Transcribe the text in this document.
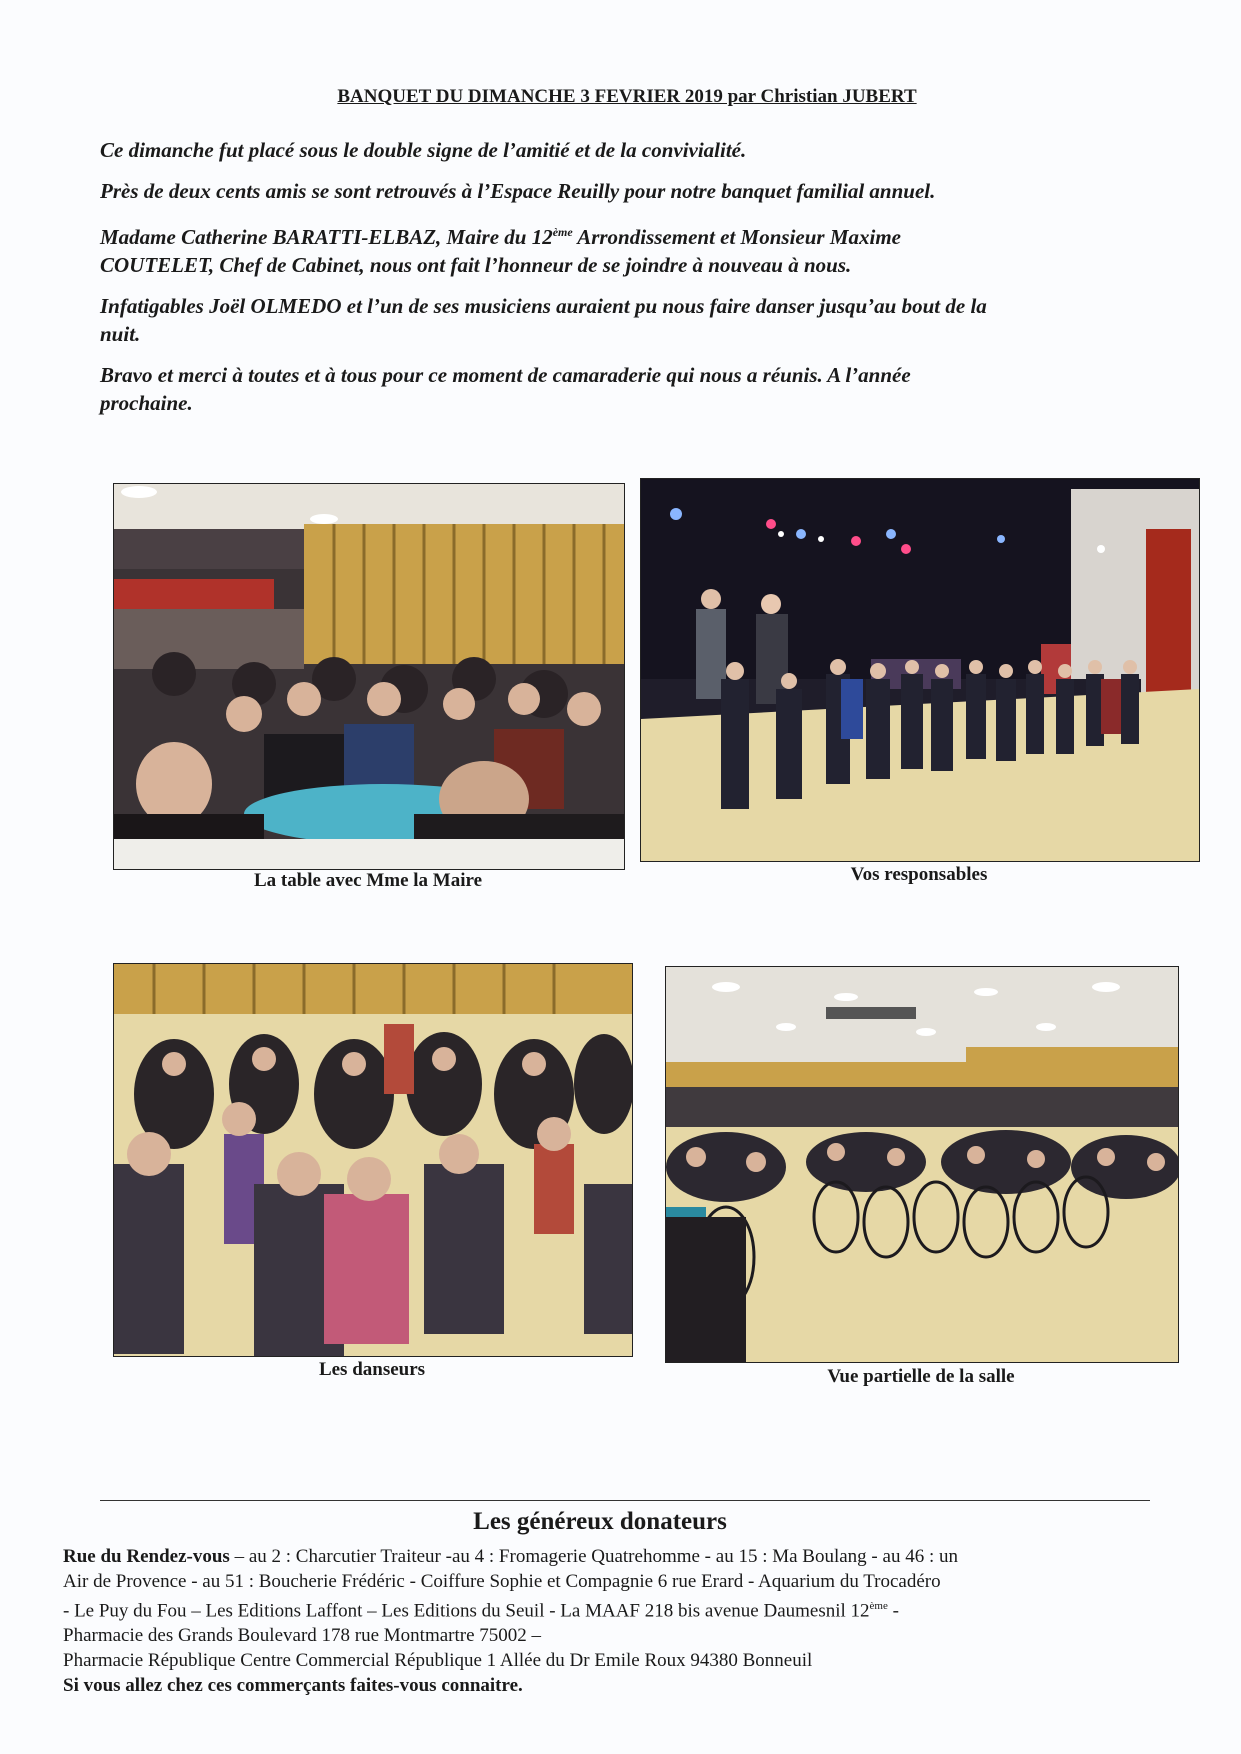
BANQUET DU DIMANCHE 3 FEVRIER 2019 par Christian JUBERT

Ce dimanche fut placé sous le double signe de l’amitié et de la convivialité.

Près de deux cents amis se sont retrouvés à l’Espace Reuilly pour notre banquet familial annuel.

Madame Catherine BARATTI-ELBAZ, Maire du 12ème Arrondissement et Monsieur Maxime
COUTELET, Chef de Cabinet, nous ont fait l’honneur de se joindre à nouveau à nous.

Infatigables Joël OLMEDO et l’un de ses musiciens auraient pu nous faire danser jusqu’au bout de la
nuit.

Bravo et merci à toutes et à tous pour ce moment de camaraderie qui nous a réunis. A l’année
prochaine.

La table avec Mme la Maire	Vos responsables
Les danseurs	Vue partielle de la salle
Les généreux donateurs
Rue du Rendez-vous – au 2 : Charcutier Traiteur -au 4 : Fromagerie Quatrehomme - au 15 : Ma Boulang - au 46 : un
Air de Provence - au 51 : Boucherie Frédéric - Coiffure Sophie et Compagnie 6 rue Erard - Aquarium du Trocadéro
- Le Puy du Fou – Les Editions Laffont – Les Editions du Seuil - La MAAF 218 bis avenue Daumesnil 12ème -
Pharmacie des Grands Boulevard 178 rue Montmartre 75002 –
Pharmacie République Centre Commercial République 1 Allée du Dr Emile Roux 94380 Bonneuil
Si vous allez chez ces commerçants faites-vous connaitre.
